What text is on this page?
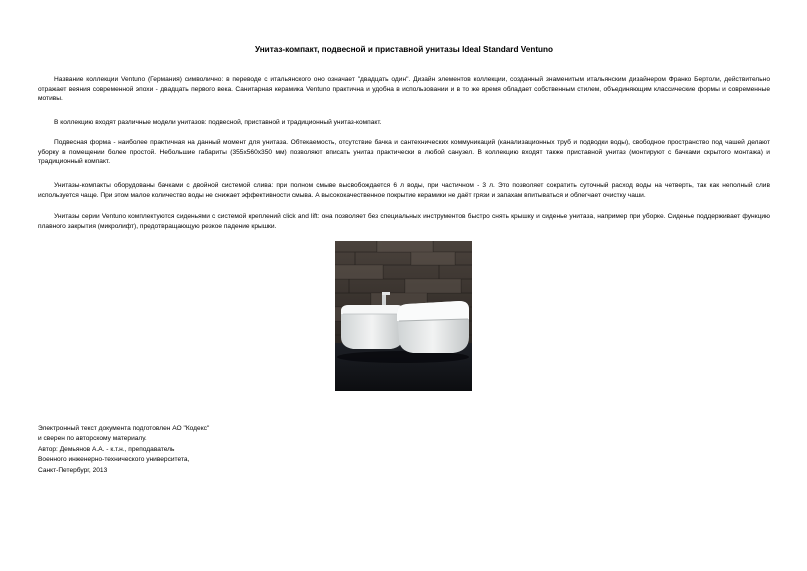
Унитаз-компакт, подвесной и приставной унитазы Ideal Standard Ventuno

Название коллекции Ventuno (Германия) символично: в переводе с итальянского оно означает "двадцать один". Дизайн элементов коллекции, созданный знаменитым итальянским дизайнером Франко Бертоли, действительно отражает веяния современной эпохи - двадцать первого века. Санитарная керамика Ventuno практична и удобна в использовании и в то же время обладает собственным стилем, объединяющим классические формы и современные мотивы.

В коллекцию входят различные модели унитазов: подвесной, приставной и традиционный унитаз-компакт.

Подвесная форма - наиболее практичная на данный момент для унитаза. Обтекаемость, отсутствие бачка и сантехнических коммуникаций (канализационных труб и подводки воды), свободное пространство под чашей делают уборку в помещении более простой. Небольшие габариты (355х560х350 мм) позволяют вписать унитаз практически в любой санузел. В коллекцию входят также приставной унитаз (монтируют с бачками скрытого монтажа) и традиционный компакт.

Унитазы-компакты оборудованы бачками с двойной системой слива: при полном смыве высвобождается 6 л воды, при частичном - 3 л. Это позволяет сократить суточный расход воды на четверть, так как неполный слив используется чаще. При этом малое количество воды не снижает эффективности смыва. А высококачественное покрытие керамики не даёт грязи и запахам впитываться и облегчает очистку чаши.

Унитазы серии Ventuno комплектуются сиденьями с системой креплений click and lift: она позволяет без специальных инструментов быстро снять крышку и сиденье унитаза, например при уборке. Сиденье поддерживает функцию плавного закрытия (микролифт), предотвращающую резкое падение крышки.

Электронный текст документа подготовлен АО "Кодекс"
и сверен по авторскому материалу.
Автор: Демьянов А.А. - к.т.н., преподаватель
Военного инженерно-технического университета,
Санкт-Петербург, 2013
